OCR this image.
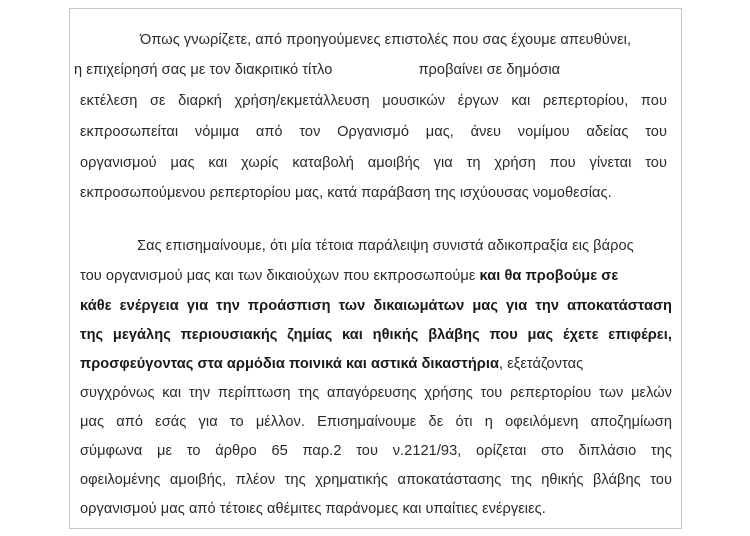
Όπως γνωρίζετε, από προηγούμενες επιστολές που σας έχουμε απευθύνει,
η επιχείρησή σας με τον διακριτικό τίτλο	προβαίνει σε δημόσια
εκτέλεση σε διαρκή χρήση/εκμετάλλευση μουσικών έργων και ρεπερτορίου, που
εκπροσωπείται νόμιμα από τον Οργανισμό μας, άνευ νομίμου αδείας του
οργανισμού μας και χωρίς καταβολή αμοιβής για τη χρήση που γίνεται του
εκπροσωπούμενου ρεπερτορίου μας, κατά παράβαση της ισχύουσας νομοθεσίας.
Σας επισημαίνουμε, ότι μία τέτοια παράλειψη συνιστά αδικοπραξία εις βάρος
του οργανισμού μας και των δικαιούχων που εκπροσωπούμε και θα προβούμε σε
κάθε ενέργεια για την προάσπιση των δικαιωμάτων μας για την αποκατάσταση
της μεγάλης περιουσιακής ζημίας και ηθικής βλάβης που μας έχετε επιφέρει,
προσφεύγοντας στα αρμόδια ποινικά και αστικά δικαστήρια, εξετάζοντας
συγχρόνως και την περίπτωση της απαγόρευσης χρήσης του ρεπερτορίου των μελών
μας από εσάς για το μέλλον. Επισημαίνουμε δε ότι η οφειλόμενη αποζημίωση
σύμφωνα με το άρθρο 65 παρ.2 του ν.2121/93, ορίζεται στο διπλάσιο της
οφειλομένης αμοιβής, πλέον της χρηματικής αποκατάστασης της ηθικής βλάβης του
οργανισμού μας από τέτοιες αθέμιτες παράνομες και υπαίτιες ενέργειες.
